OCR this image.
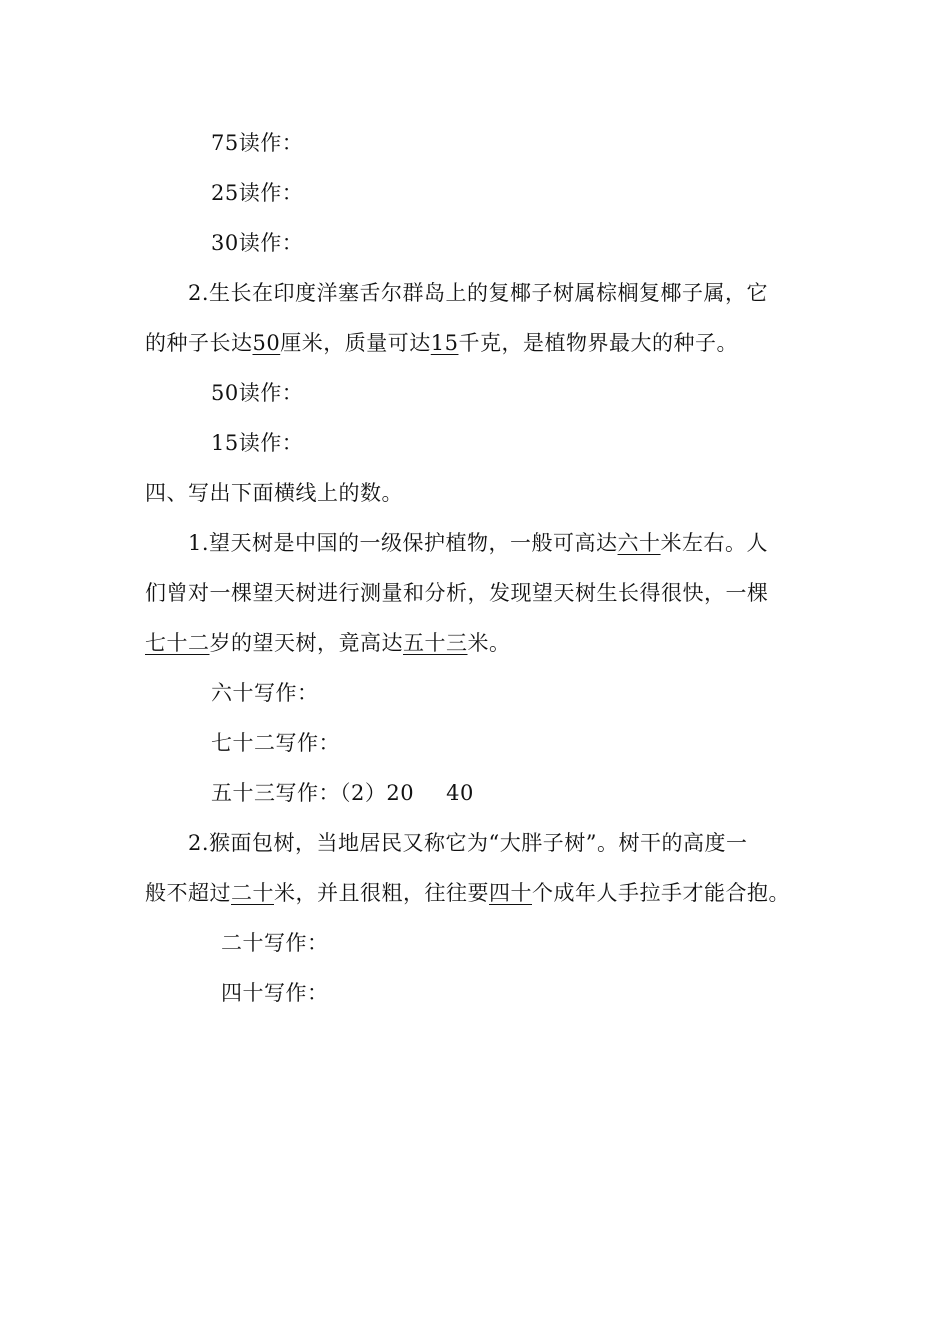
75读作：
25读作：
30读作：
2.生长在印度洋塞舌尔群岛上的复椰子树属棕榈复椰子属，它
的种子长达50厘米，质量可达15千克，是植物界最大的种子。
50读作：
15读作：
四、写出下面横线上的数。
1.望天树是中国的一级保护植物，一般可高达六十米左右。人
们曾对一棵望天树进行测量和分析，发现望天树生长得很快，一棵
七十二岁的望天树，竟高达五十三米。
六十写作：
七十二写作：
五十三写作：（2）20 40
2.猴面包树，当地居民又称它为“大胖子树”。树干的高度一
般不超过二十米，并且很粗，往往要四十个成年人手拉手才能合抱。
二十写作：
四十写作：
